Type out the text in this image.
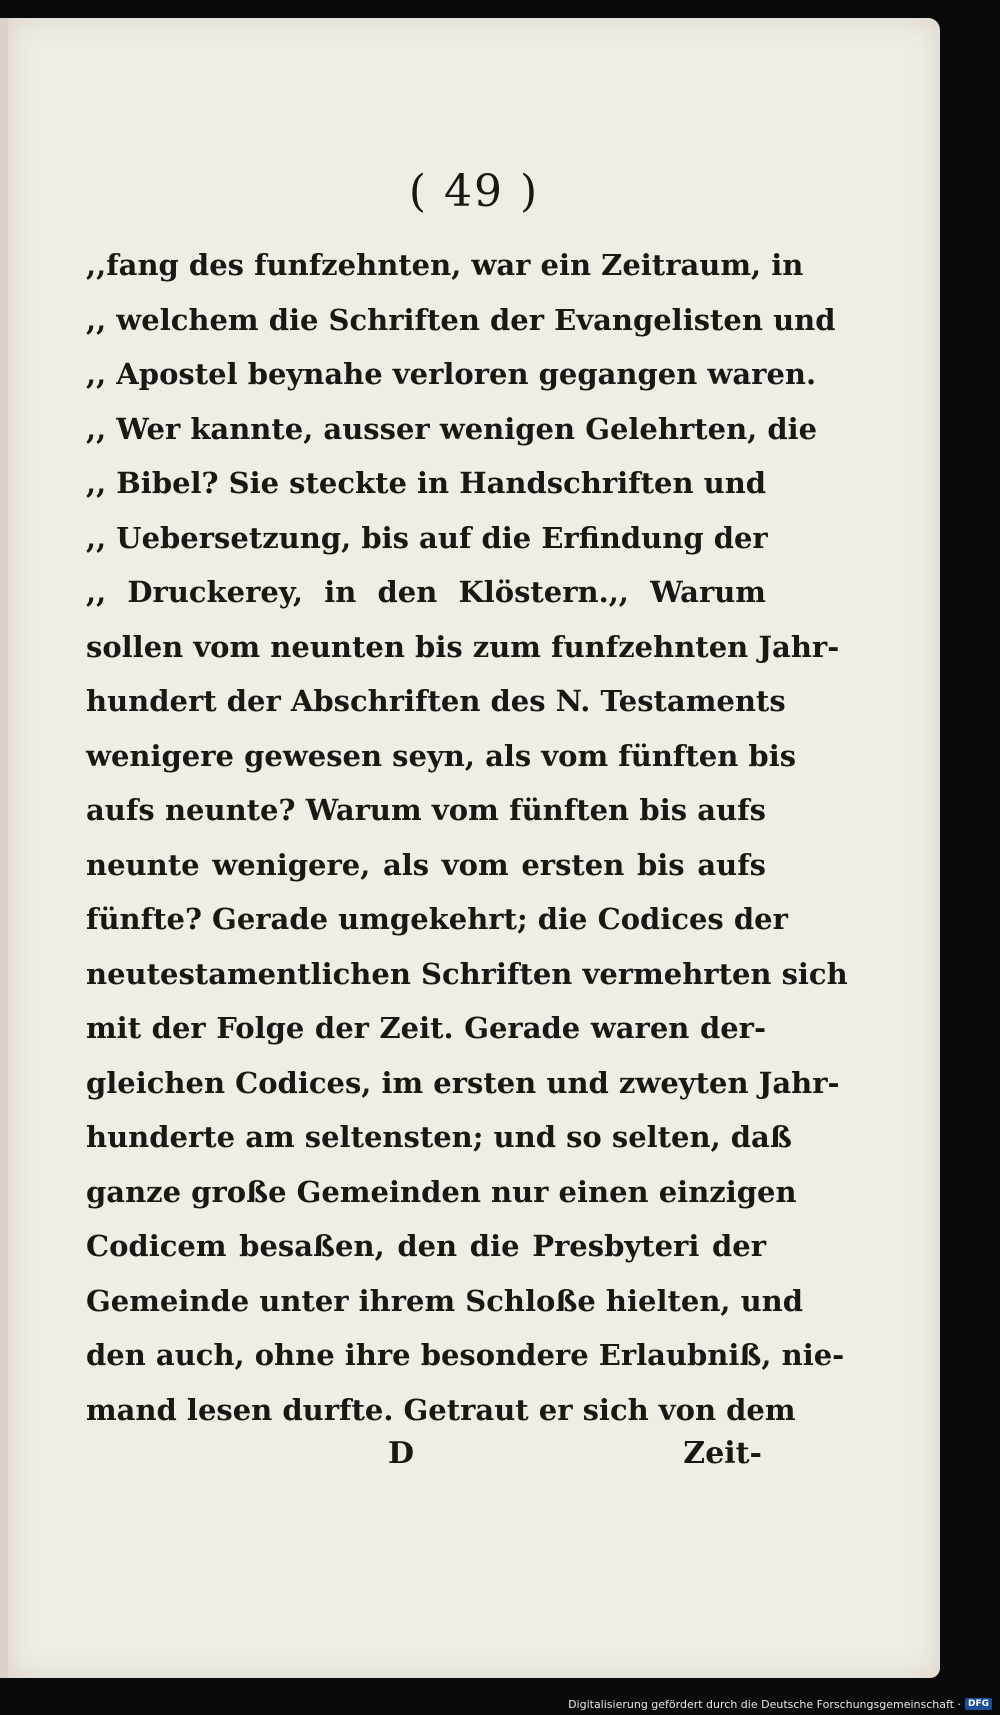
( 49 )
,,fang des funfzehnten, war ein Zeitraum, in
,, welchem die Schriften der Evangelisten und
,, Apostel beynahe verloren gegangen waren.
,, Wer kannte, ausser wenigen Gelehrten, die
,, Bibel? Sie steckte in Handschriften und
,, Uebersetzung, bis auf die Erfindung der
,, Druckerey, in den Klöstern.,, Warum
sollen vom neunten bis zum funfzehnten Jahr-
hundert der Abschriften des N. Testaments
wenigere gewesen seyn, als vom fünften bis
aufs neunte? Warum vom fünften bis aufs
neunte wenigere, als vom ersten bis aufs
fünfte? Gerade umgekehrt; die Codices der
neutestamentlichen Schriften vermehrten sich
mit der Folge der Zeit. Gerade waren der-
gleichen Codices, im ersten und zweyten Jahr-
hunderte am seltensten; und so selten, daß
ganze große Gemeinden nur einen einzigen
Codicem besaßen, den die Presbyteri der
Gemeinde unter ihrem Schloße hielten, und
den auch, ohne ihre besondere Erlaubniß, nie-
mand lesen durfte. Getraut er sich von dem
D	Zeit-
Digitalisierung gefördert durch die Deutsche Forschungsgemeinschaft · DFG
